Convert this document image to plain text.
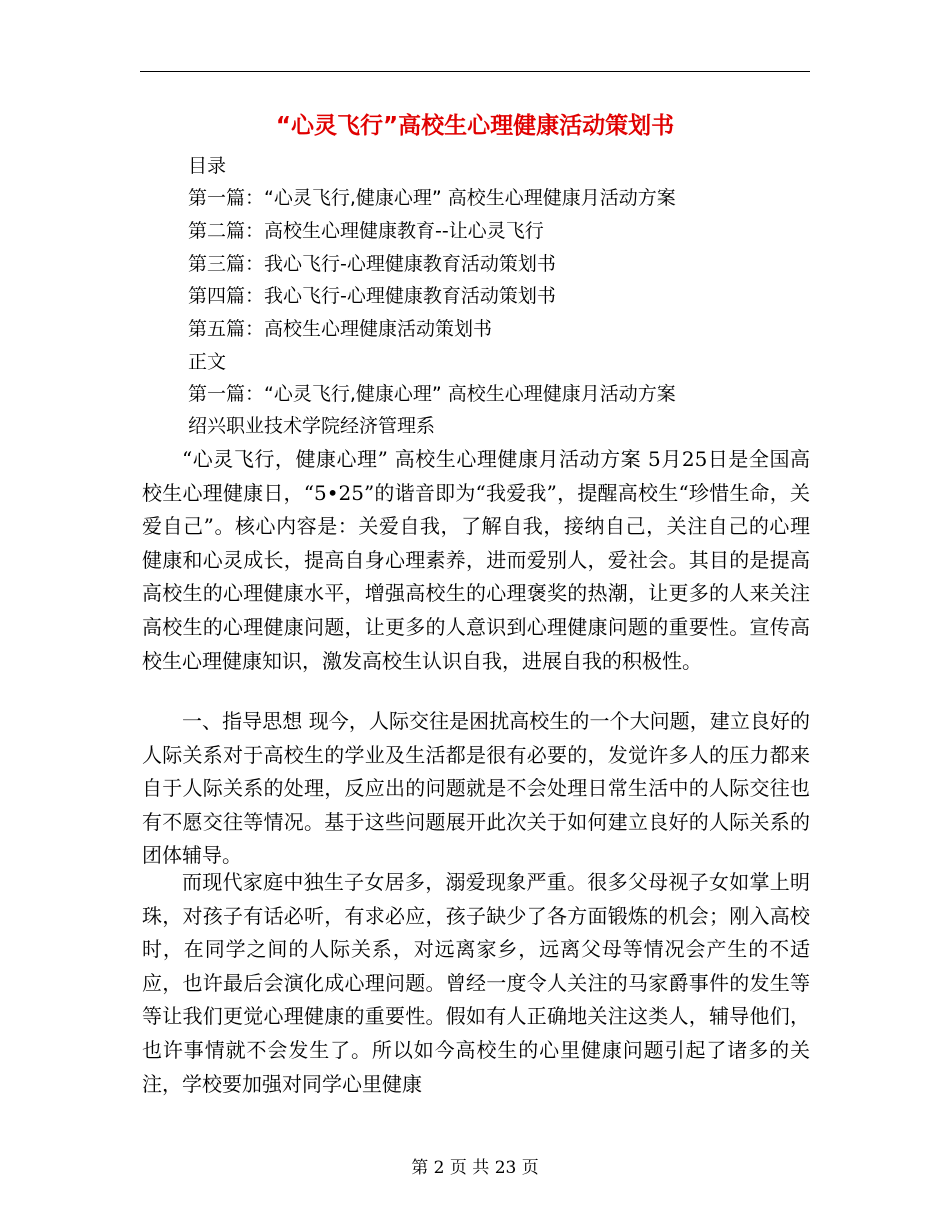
“心灵飞行”高校生心理健康活动策划书
目录
第一篇：“心灵飞行,健康心理” 高校生心理健康月活动方案
第二篇：高校生心理健康教育--让心灵飞行
第三篇：我心飞行-心理健康教育活动策划书
第四篇：我心飞行-心理健康教育活动策划书
第五篇：高校生心理健康活动策划书
正文
第一篇：“心灵飞行,健康心理” 高校生心理健康月活动方案
绍兴职业技术学院经济管理系

“心灵飞行，健康心理” 高校生心理健康月活动方案 5月25日是全国高校生心理健康日，“5•25”的谐音即为“我爱我”，提醒高校生“珍惜生命，关爱自己”。核心内容是：关爱自我，了解自我，接纳自己，关注自己的心理健康和心灵成长，提高自身心理素养，进而爱别人，爱社会。其目的是提高高校生的心理健康水平，增强高校生的心理褒奖的热潮，让更多的人来关注高校生的心理健康问题，让更多的人意识到心理健康问题的重要性。宣传高校生心理健康知识，激发高校生认识自我，进展自我的积极性。

一、指导思想 现今，人际交往是困扰高校生的一个大问题，建立良好的人际关系对于高校生的学业及生活都是很有必要的，发觉许多人的压力都来自于人际关系的处理，反应出的问题就是不会处理日常生活中的人际交往也有不愿交往等情况。基于这些问题展开此次关于如何建立良好的人际关系的团体辅导。

而现代家庭中独生子女居多，溺爱现象严重。很多父母视子女如掌上明珠，对孩子有话必听，有求必应，孩子缺少了各方面锻炼的机会；刚入高校时，在同学之间的人际关系，对远离家乡，远离父母等情况会产生的不适应，也许最后会演化成心理问题。曾经一度令人关注的马家爵事件的发生等等让我们更觉心理健康的重要性。假如有人正确地关注这类人，辅导他们，也许事情就不会发生了。所以如今高校生的心里健康问题引起了诸多的关注，学校要加强对同学心里健康

第 2 页 共 23 页
